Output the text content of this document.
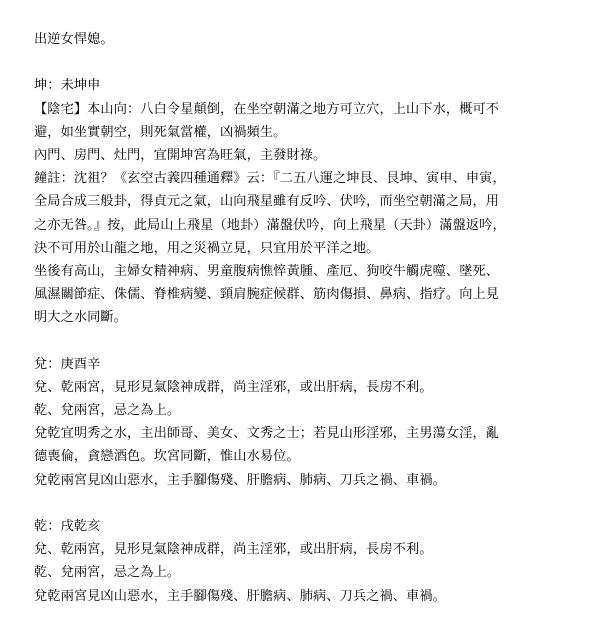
出逆女悍媳。
坤：未坤申
【陰宅】本山向：八白令星顛倒，在坐空朝滿之地方可立穴，上山下水，概可不
避，如坐實朝空，則死氣當權，凶禍頻生。
內門、房門、灶門，宜開坤宮為旺氣，主發財祿。
鐘註：沈祖？《玄空古義四種通釋》云：『二五八運之坤艮、艮坤、寅申、申寅，
全局合成三般卦，得貞元之氣，山向飛星雖有反吟、伏吟，而坐空朝滿之局，用
之亦无咎。』按，此局山上飛星（地卦）滿盤伏吟，向上飛星（天卦）滿盤返吟，
決不可用於山龍之地，用之災禍立見，只宜用於平洋之地。
坐後有高山，主婦女精神病、男童腹病憔悴黃腫、產厄、狗咬牛觸虎噬、墜死、
風濕關節症、侏儒、脊椎病變、頸肩腕症候群、筋肉傷損、鼻病、指疗。向上見
明大之水同斷。
兌：庚酉辛
兌、乾兩宮，見形見氣陰神成群，尚主淫邪，或出肝病，長房不利。
乾、兌兩宮，忌之為上。
兌乾宜明秀之水，主出師哥、美女、文秀之士；若見山形淫邪，主男蕩女淫，亂
德喪倫，貪戀酒色。坎宮同斷，惟山水易位。
兌乾兩宮見凶山惡水，主手腳傷殘、肝膽病、肺病、刀兵之禍、車禍。
乾：戌乾亥
兌、乾兩宮，見形見氣陰神成群，尚主淫邪，或出肝病，長房不利。
乾、兌兩宮，忌之為上。
兌乾兩宮見凶山惡水，主手腳傷殘、肝膽病、肺病、刀兵之禍、車禍。
